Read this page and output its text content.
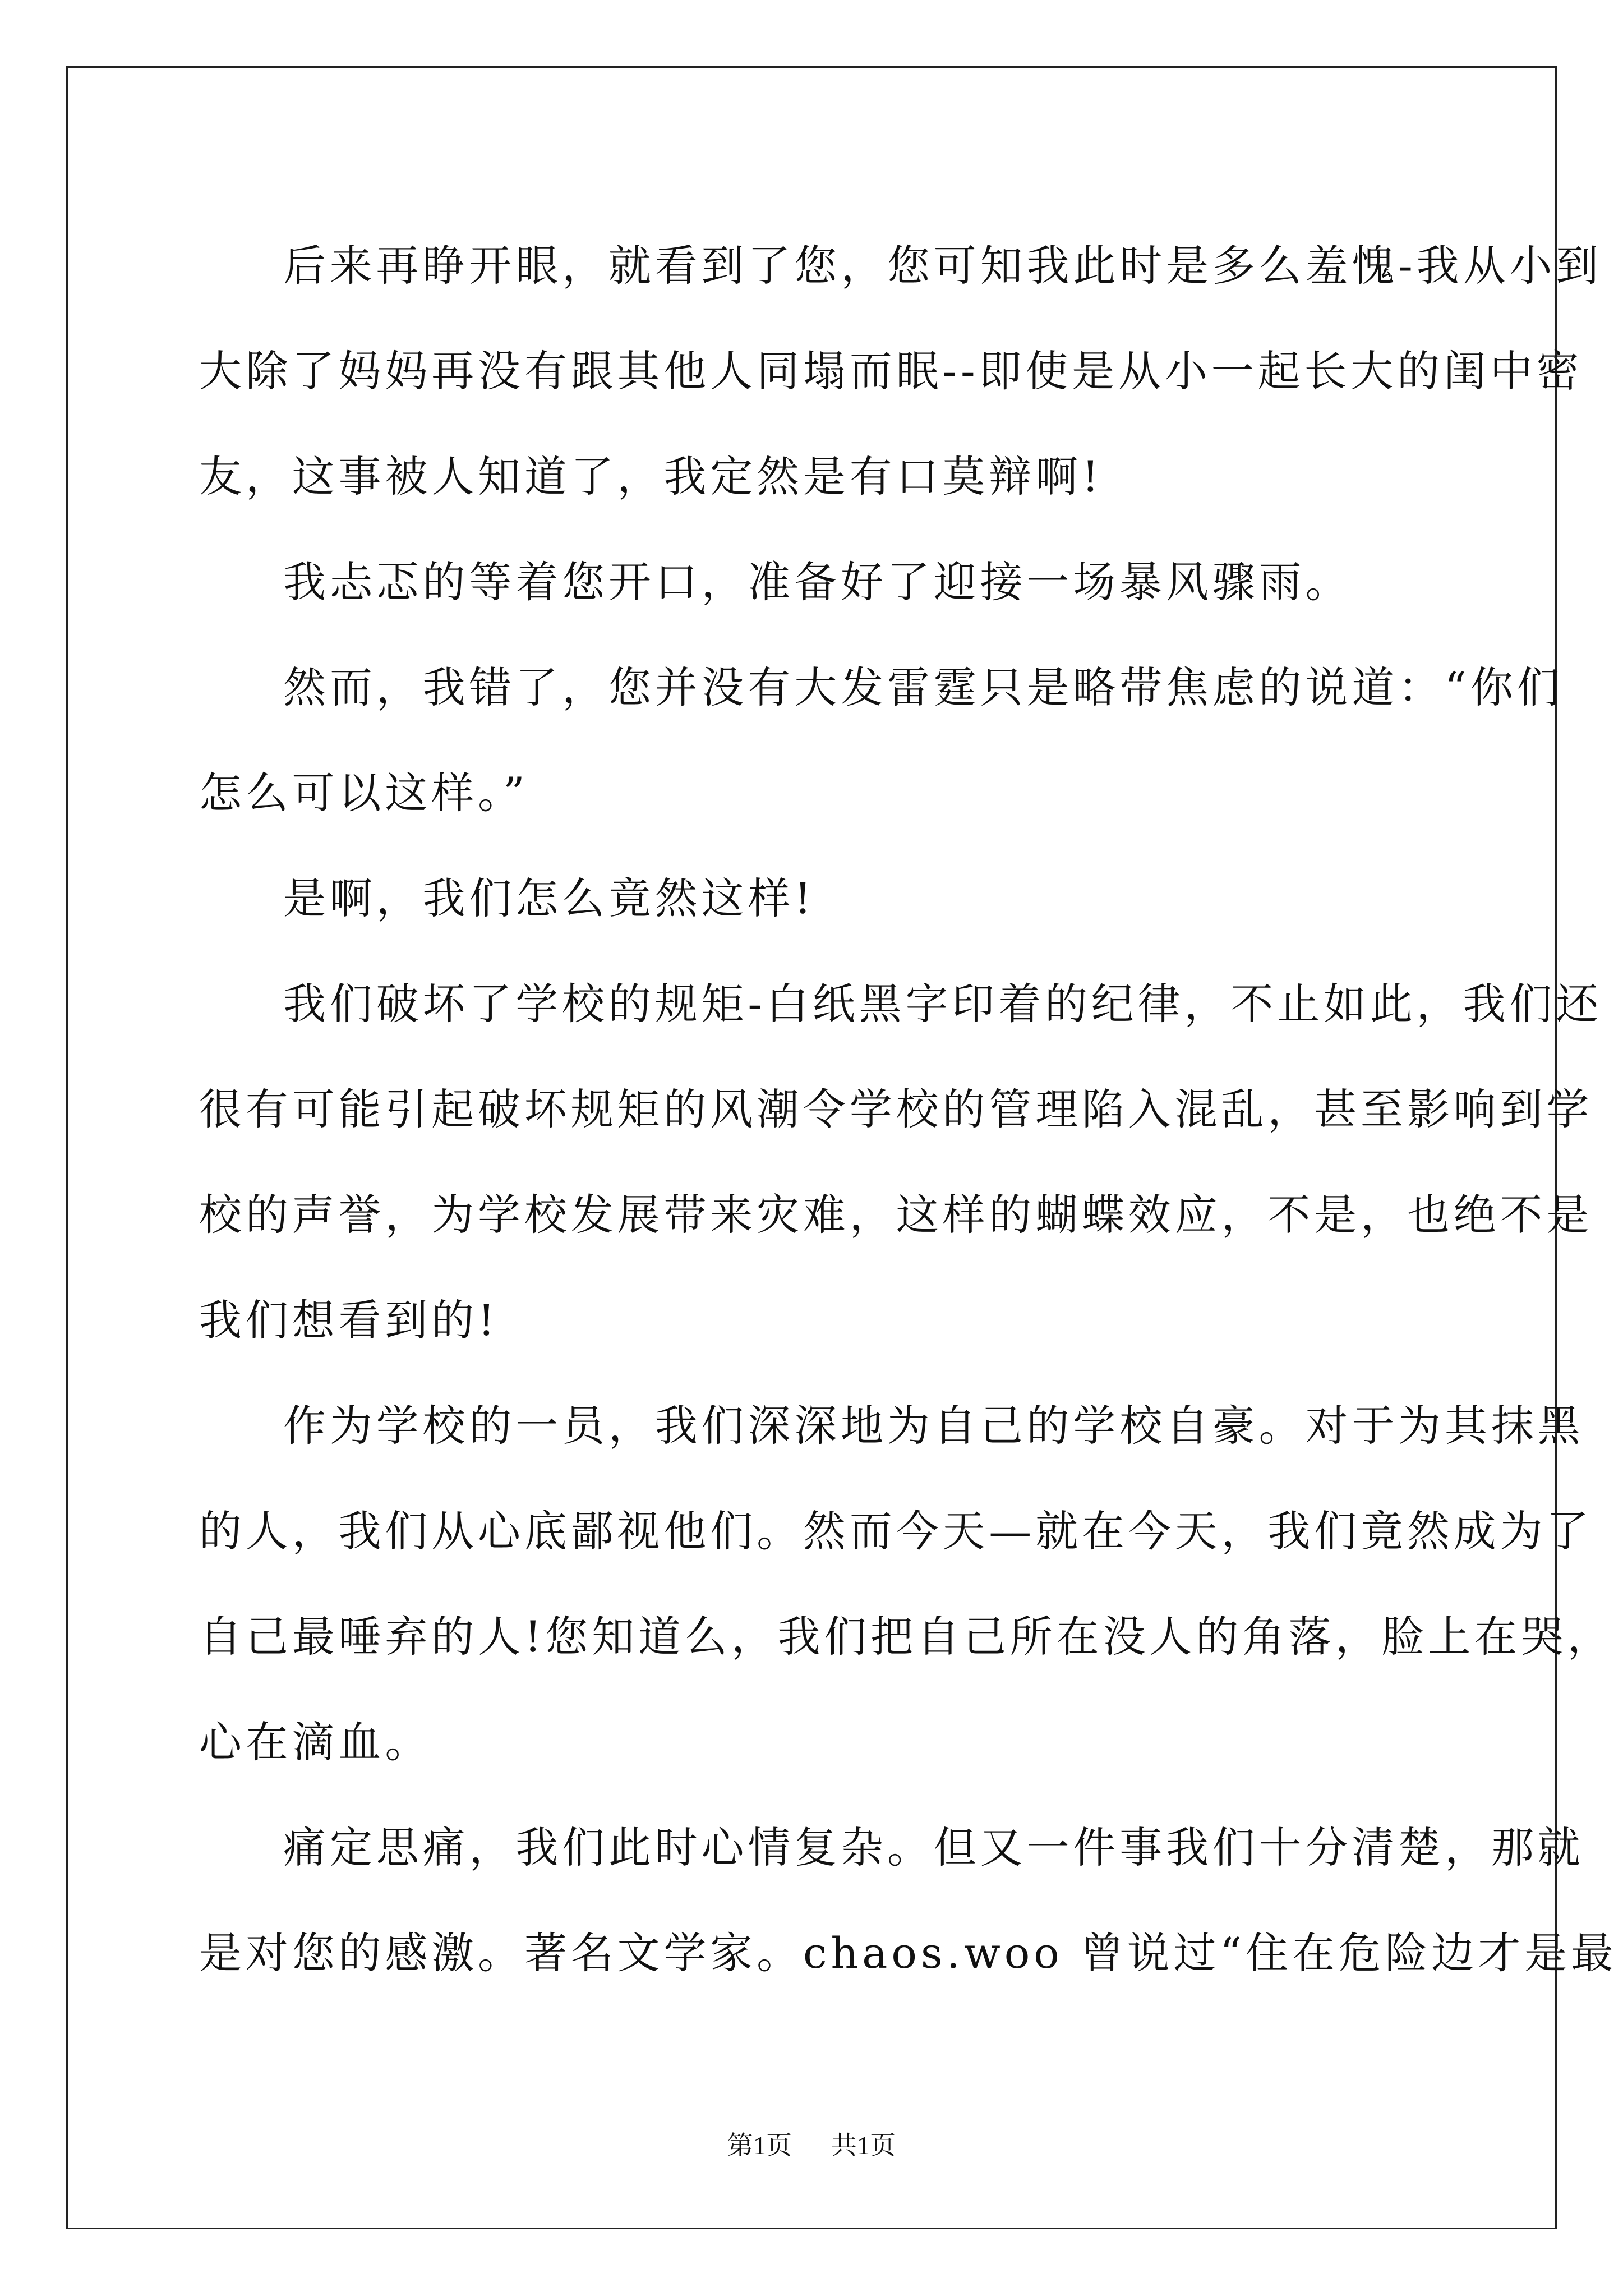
后来再睁开眼，就看到了您，您可知我此时是多么羞愧-我从小到
大除了妈妈再没有跟其他人同塌而眠--即使是从小一起长大的闺中密
友，这事被人知道了，我定然是有口莫辩啊!
我忐忑的等着您开口，准备好了迎接一场暴风骤雨。
然而，我错了，您并没有大发雷霆只是略带焦虑的说道：“你们
怎么可以这样。”
是啊，我们怎么竟然这样!
我们破坏了学校的规矩-白纸黑字印着的纪律，不止如此，我们还
很有可能引起破坏规矩的风潮令学校的管理陷入混乱，甚至影响到学
校的声誉，为学校发展带来灾难，这样的蝴蝶效应，不是，也绝不是
我们想看到的!
作为学校的一员，我们深深地为自己的学校自豪。对于为其抹黑
的人，我们从心底鄙视他们。然而今天—就在今天，我们竟然成为了
自己最唾弃的人!您知道么，我们把自己所在没人的角落，脸上在哭，
心在滴血。
痛定思痛，我们此时心情复杂。但又一件事我们十分清楚，那就
是对您的感激。著名文学家。chaos.woo 曾说过“住在危险边才是最
第1页 共1页
